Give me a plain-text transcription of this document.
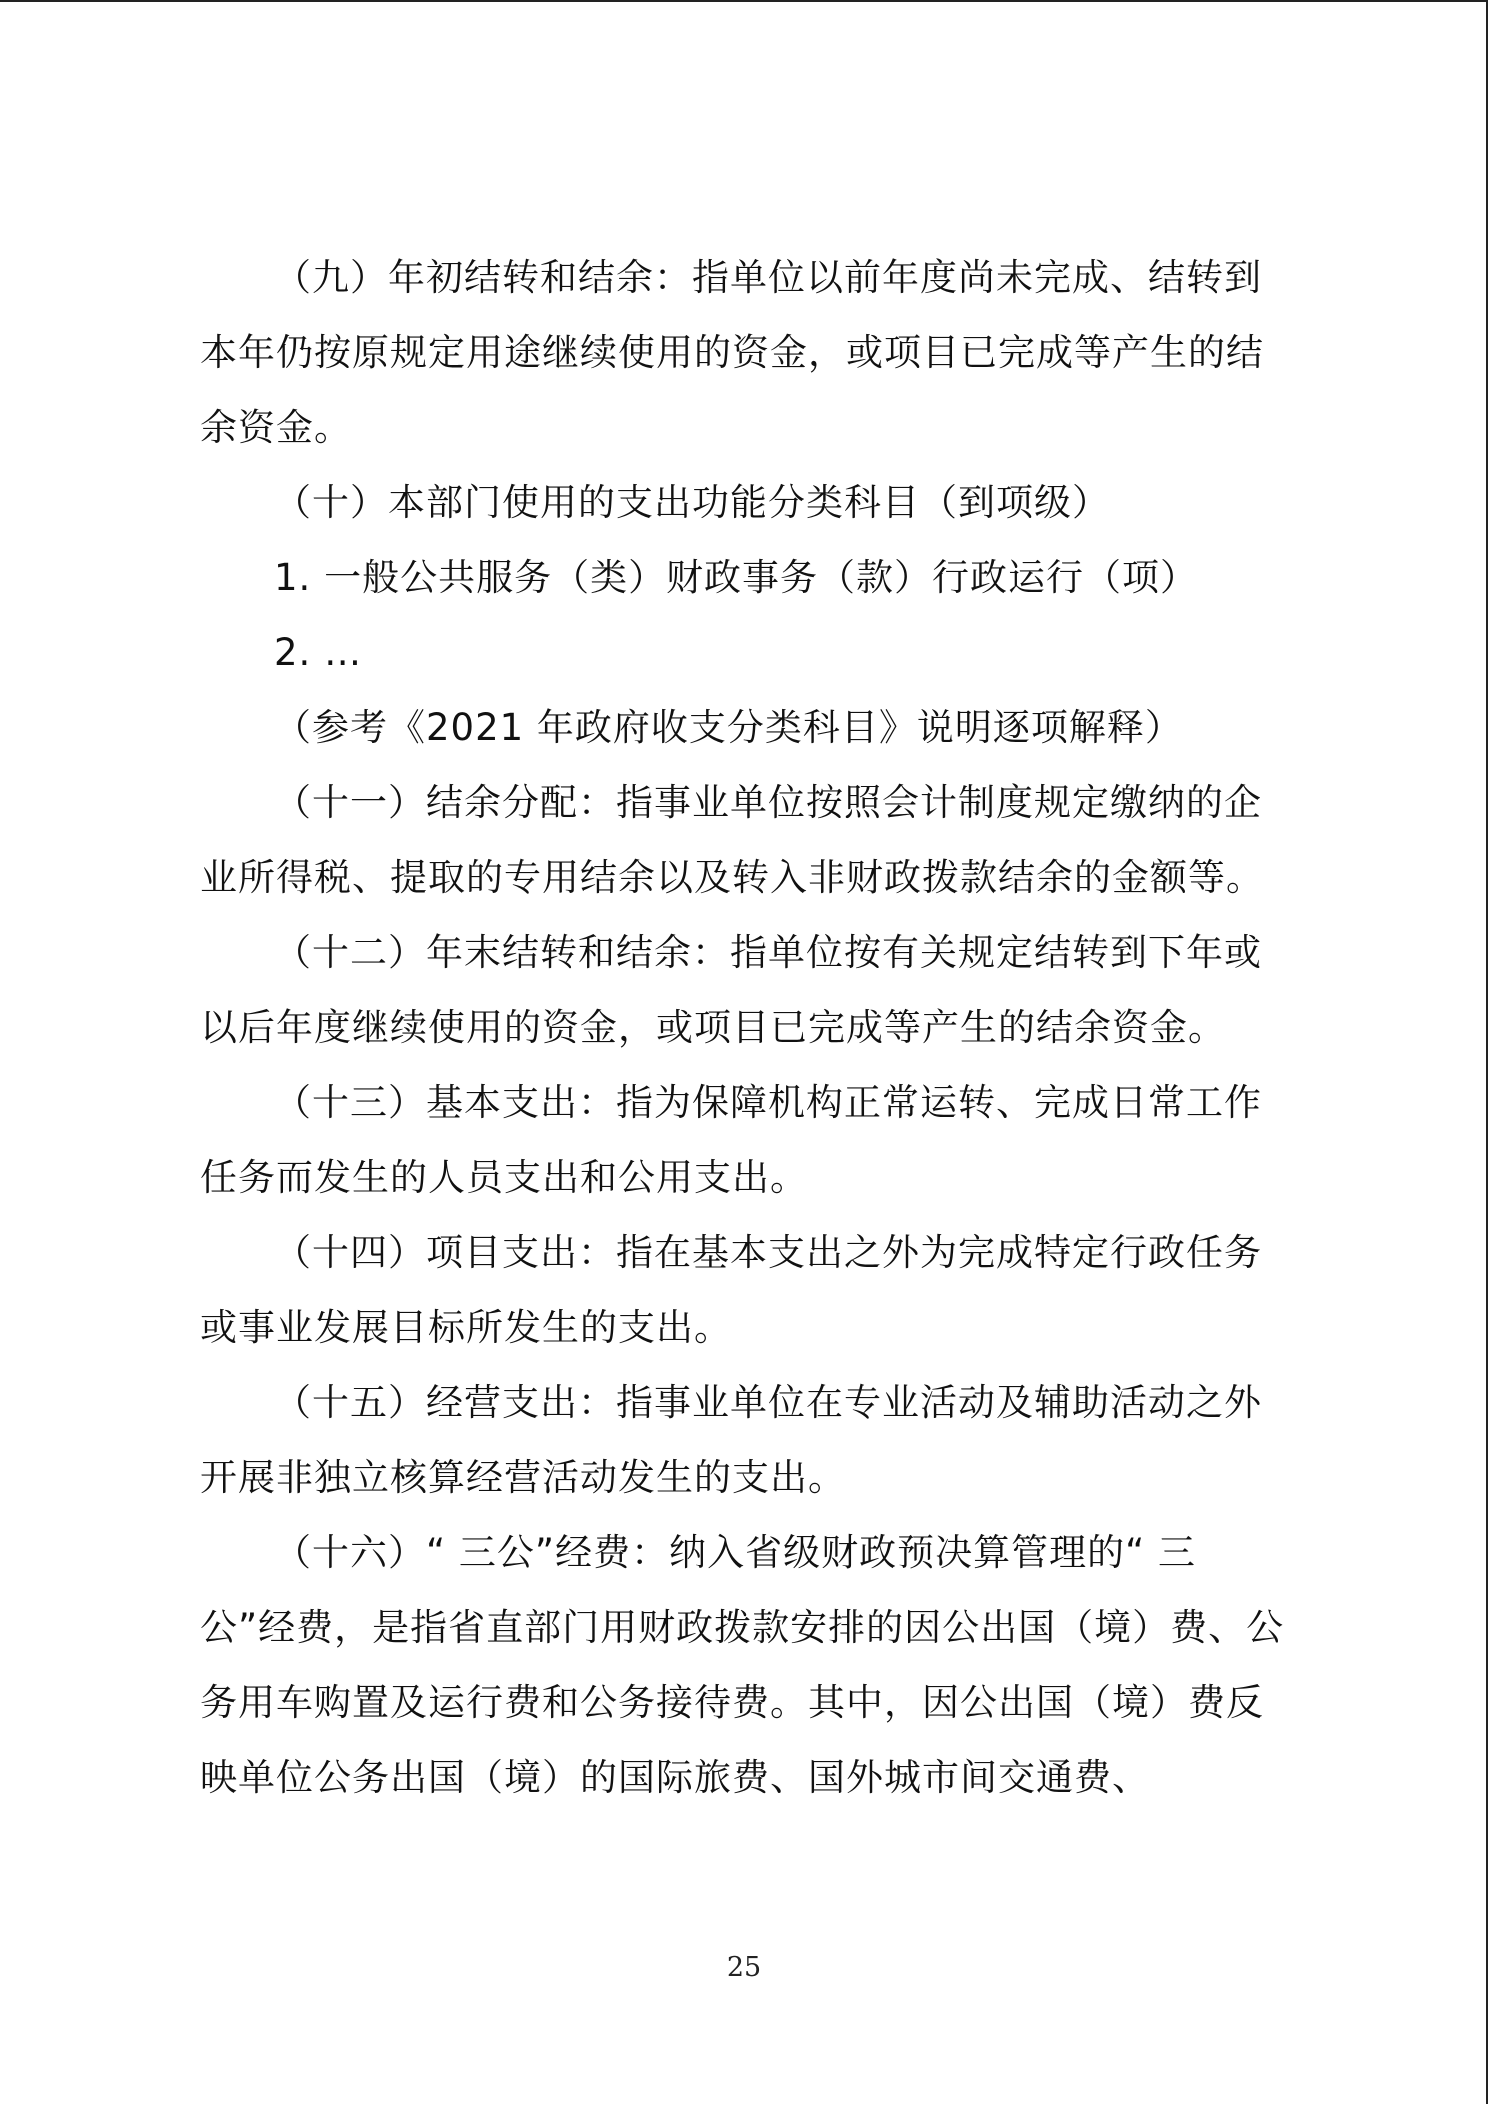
（九）年初结转和结余：指单位以前年度尚未完成、结转到本年仍按原规定用途继续使用的资金，或项目已完成等产生的结余资金。

（十）本部门使用的支出功能分类科目（到项级）

1. 一般公共服务（类）财政事务（款）行政运行（项）

2. …

（参考《2021 年政府收支分类科目》说明逐项解释）

（十一）结余分配：指事业单位按照会计制度规定缴纳的企业所得税、提取的专用结余以及转入非财政拨款结余的金额等。

（十二）年末结转和结余：指单位按有关规定结转到下年或以后年度继续使用的资金，或项目已完成等产生的结余资金。

（十三）基本支出：指为保障机构正常运转、完成日常工作任务而发生的人员支出和公用支出。

（十四）项目支出：指在基本支出之外为完成特定行政任务或事业发展目标所发生的支出。

（十五）经营支出：指事业单位在专业活动及辅助活动之外开展非独立核算经营活动发生的支出。

（十六）“ 三公”经费：纳入省级财政预决算管理的“ 三公”经费，是指省直部门用财政拨款安排的因公出国（境）费、公务用车购置及运行费和公务接待费。其中，因公出国（境）费反映单位公务出国（境）的国际旅费、国外城市间交通费、

25
